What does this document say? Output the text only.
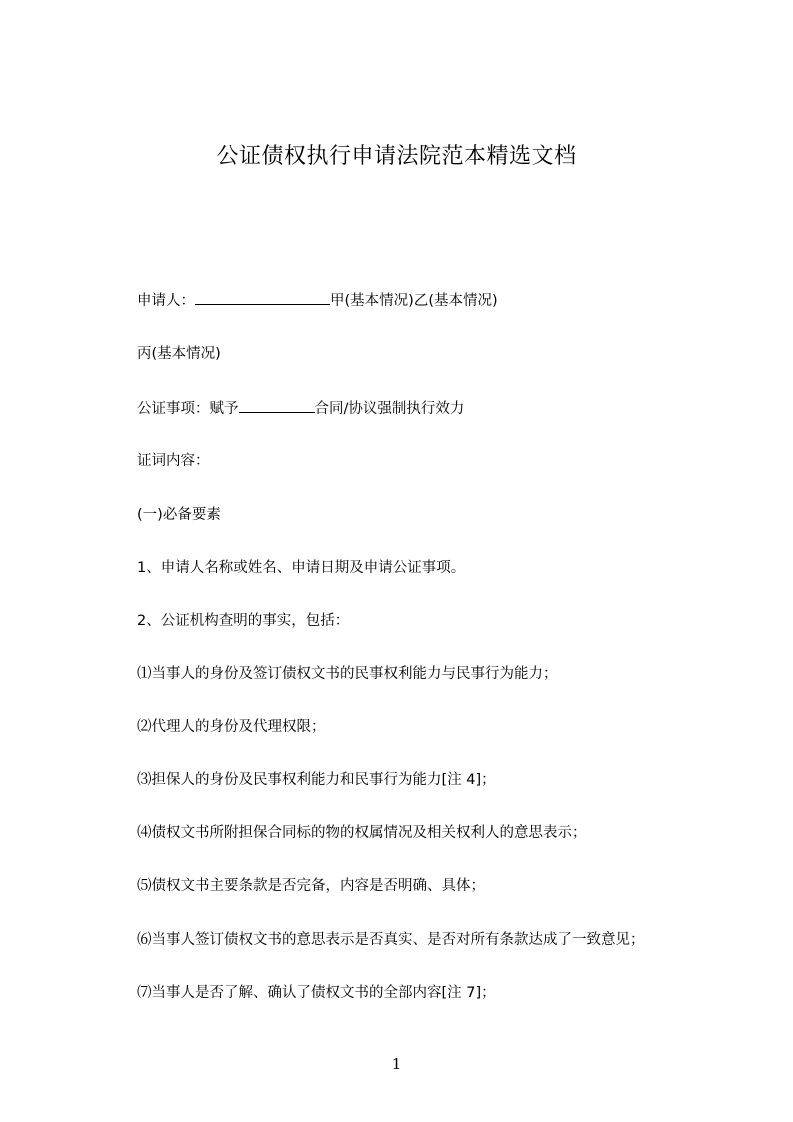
公证债权执行申请法院范本精选文档
申请人：	甲(基本情况)乙(基本情况)
丙(基本情况)
公证事项：赋予	合同/协议强制执行效力
证词内容：
(一)必备要素
1、申请人名称或姓名、申请日期及申请公证事项。
2、公证机构查明的事实，包括：
⑴当事人的身份及签订债权文书的民事权利能力与民事行为能力；
⑵代理人的身份及代理权限；
⑶担保人的身份及民事权利能力和民事行为能力[注 4]；
⑷债权文书所附担保合同标的物的权属情况及相关权利人的意思表示；
⑸债权文书主要条款是否完备，内容是否明确、具体；
⑹当事人签订债权文书的意思表示是否真实、是否对所有条款达成了一致意见；
⑺当事人是否了解、确认了债权文书的全部内容[注 7]；
1
